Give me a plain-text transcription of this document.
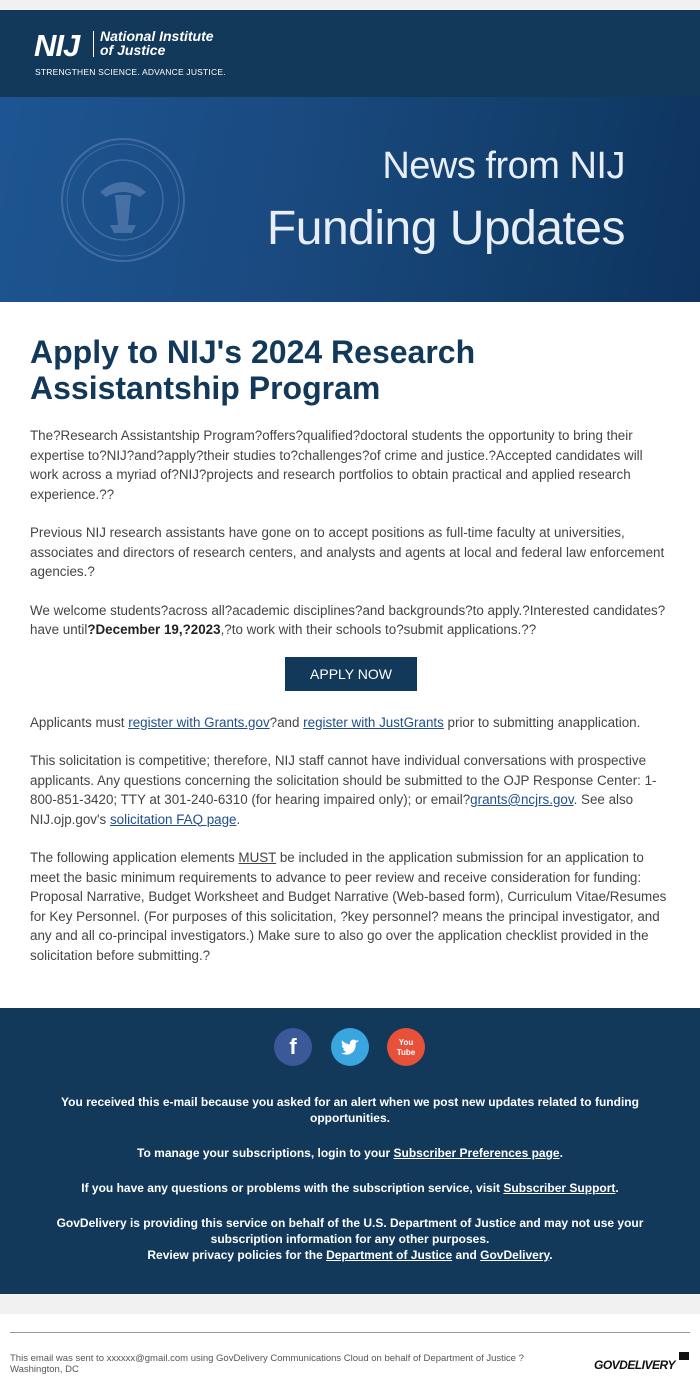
NIJ National Institute
of Justice
STRENGTHEN SCIENCE. ADVANCE JUSTICE.
News from NIJ
Funding Updates
Apply to NIJ's 2024 Research Assistantship Program

The?Research Assistantship Program?offers?qualified?doctoral students the opportunity to bring their expertise to?NIJ?and?apply?their studies to?challenges?of crime and justice.?Accepted candidates will work across a myriad of?NIJ?projects and research portfolios to obtain practical and applied research experience.??

Previous NIJ research assistants have gone on to accept positions as full-time faculty at universities, associates and directors of research centers, and analysts and agents at local and federal law enforcement agencies.?

We welcome students?across all?academic disciplines?and backgrounds?to apply.?Interested candidates?have until?December 19,?2023,?to work with their schools to?submit applications.??

APPLY NOW

Applicants must register with Grants.gov?and register with JustGrants prior to submitting anapplication.

This solicitation is competitive; therefore, NIJ staff cannot have individual conversations with prospective applicants. Any questions concerning the solicitation should be submitted to the OJP Response Center: 1-800-851-3420; TTY at 301-240-6310 (for hearing impaired only); or email?grants@ncjrs.gov. See also NIJ.ojp.gov's solicitation FAQ page.

The following application elements MUST be included in the application submission for an application to meet the basic minimum requirements to advance to peer review and receive consideration for funding: Proposal Narrative, Budget Worksheet and Budget Narrative (Web-based form), Curriculum Vitae/Resumes for Key Personnel. (For purposes of this solicitation, ?key personnel? means the principal investigator, and any and all co-principal investigators.) Make sure to also go over the application checklist provided in the solicitation before submitting.?

f	You
Tube

You received this e-mail because you asked for an alert when we post new updates related to funding opportunities.

To manage your subscriptions, login to your Subscriber Preferences page.

If you have any questions or problems with the subscription service, visit Subscriber Support.

GovDelivery is providing this service on behalf of the U.S. Department of Justice and may not use your subscription information for any other purposes.
Review privacy policies for the Department of Justice and GovDelivery.
This email was sent to xxxxxx@gmail.com using GovDelivery Communications Cloud on behalf of Department of Justice ? Washington, DC	GOVDELIVERY
